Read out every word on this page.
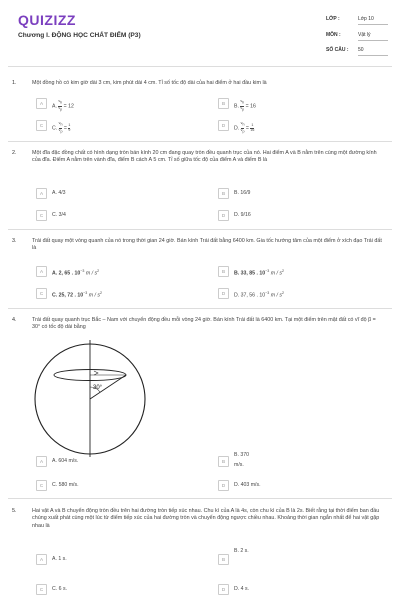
QUIZIZZ
Chương I. ĐỘNG HỌC CHẤT ĐIỂM (P3)
LỚP :	Lớp 10
MÔN :	Vật lý
SỐ CÂU : 50
1.	Một đồng hồ có kim giờ dài 3 cm, kim phút dài 4 cm. Tỉ số tốc độ dài của hai điểm ở hai đầu kim là
A	A. $\frac{v_h}{v_p} = 12$	B	B. $\frac{v_h}{v_p} = 16$
C	C. $\frac{v_h}{v_p} = \frac{1}{9}$	D	D. $\frac{v_h}{v_p} = \frac{1}{16}$
2.	Một đĩa đặc đồng chất có hình dạng tròn bán kính 20 cm đang quay tròn đều quanh trục của nó. Hai điểm A và B nằm trên cùng một đường kính của đĩa. Điểm A nằm trên vành đĩa, điểm B cách A 5 cm. Tỉ số giữa tốc độ của điểm A và điểm B là
A	A. 4/3	B	B. 16/9
C	C. 3/4	D	D. 9/16
3.	Trái đất quay một vòng quanh của nó trong thời gian 24 giờ. Bán kính Trái đất bằng 6400 km. Gia tốc hướng tâm của một điểm ở xích đạo Trái đất là
A	A. 2, 65 . $10^{-3}$ m / $s^2$	B	B. 33, 85 . $10^{-3}$ m / $s^2$
C	C. 25, 72 . $10^{-3}$ m / $s^2$	D	D. 37, 56 . $10^{-3}$ m / $s^2$
4.	Trái đất quay quanh trục Bắc – Nam với chuyển động đều mỗi vòng 24 giờ. Bán kính Trái đất là 6400 km. Tại một điểm trên mặt đất có vĩ độ β = 30° có tốc độ dài bằng
30°
A	A. 604 m/s.	B
B. 370
m/s.
C	C. 580 m/s.	D	D. 403 m/s.
5.	Hai vật A và B chuyển động tròn đều trên hai đường tròn tiếp xúc nhau. Chu kì của A là 4s, còn chu kì của B là 2s. Biết rằng tại thời điểm ban đầu chúng xuất phát cùng một lúc từ điểm tiếp xúc của hai đường tròn và chuyển động ngược chiều nhau. Khoảng thời gian ngắn nhất để hai vật gặp nhau là
A	A. 1 s.	B
B. 2 s.
C	C. 6 s.	D	D. 4 s.
